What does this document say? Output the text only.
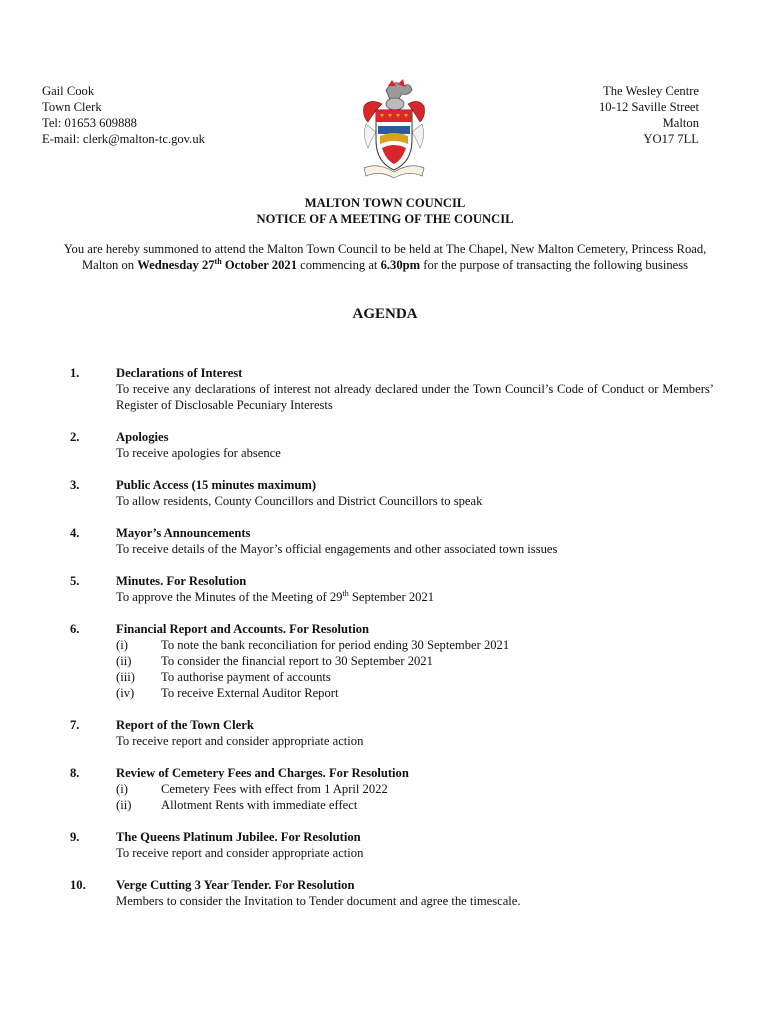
Gail Cook
Town Clerk
Tel: 01653 609888
E-mail: clerk@malton-tc.gov.uk
The Wesley Centre
10-12 Saville Street
Malton
YO17 7LL
MALTON TOWN COUNCIL
NOTICE OF A MEETING OF THE COUNCIL
You are hereby summoned to attend the Malton Town Council to be held at The Chapel, New Malton Cemetery, Princess Road, Malton on Wednesday 27th October 2021 commencing at 6.30pm for the purpose of transacting the following business
AGENDA
1.	Declarations of Interest
To receive any declarations of interest not already declared under the Town Council’s Code of Conduct or Members’ Register of Disclosable Pecuniary Interests
2.	Apologies
To receive apologies for absence
3.	Public Access (15 minutes maximum)
To allow residents, County Councillors and District Councillors to speak
4.	Mayor’s Announcements
To receive details of the Mayor’s official engagements and other associated town issues
5.	Minutes. For Resolution
To approve the Minutes of the Meeting of 29th September 2021
6.	Financial Report and Accounts. For Resolution
(i)	To note the bank reconciliation for period ending 30 September 2021
(ii)	To consider the financial report to 30 September 2021
(iii)	To authorise payment of accounts
(iv)	To receive External Auditor Report
7.	Report of the Town Clerk
To receive report and consider appropriate action
8.	Review of Cemetery Fees and Charges. For Resolution
(i)	Cemetery Fees with effect from 1 April 2022
(ii)	Allotment Rents with immediate effect
9.	The Queens Platinum Jubilee. For Resolution
To receive report and consider appropriate action
10. Verge Cutting 3 Year Tender. For Resolution
Members to consider the Invitation to Tender document and agree the timescale.
